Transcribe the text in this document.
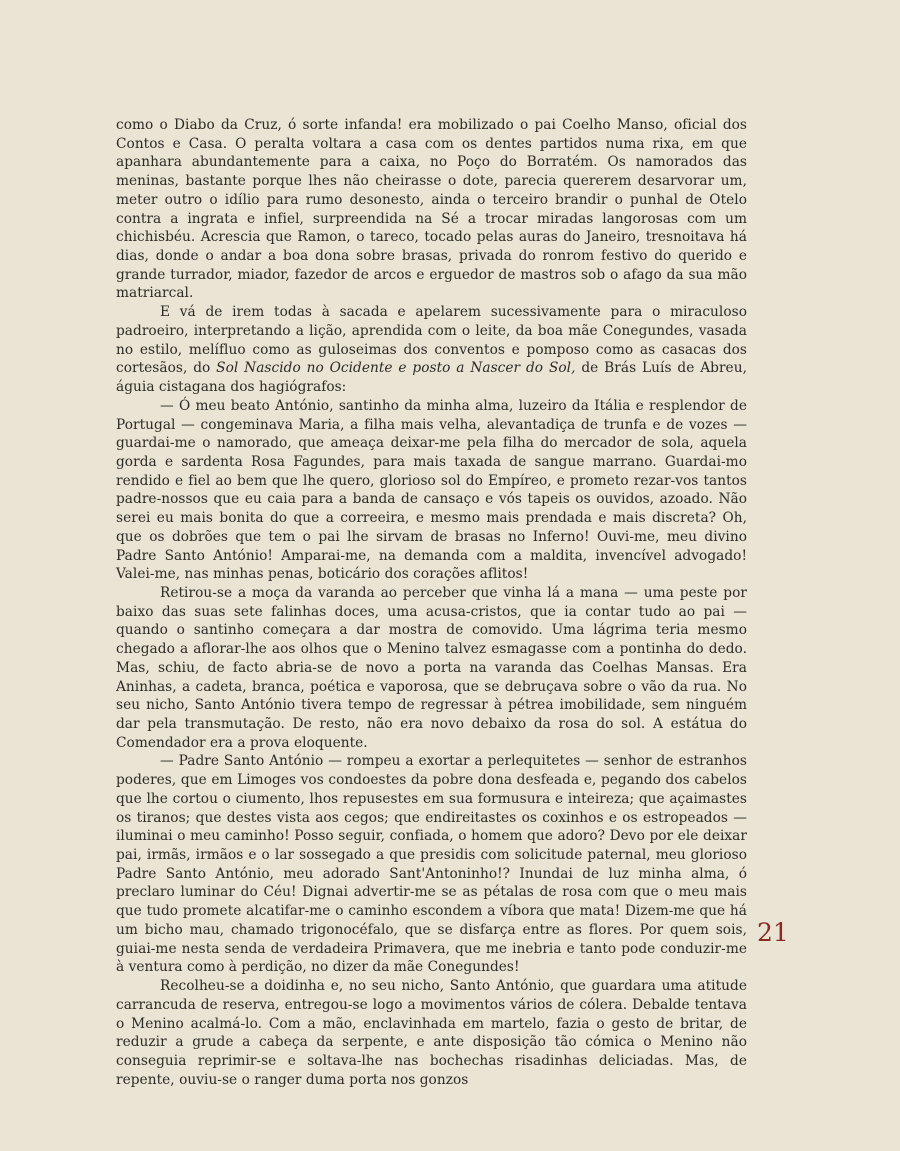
como o Diabo da Cruz, ó sorte infanda! era mobilizado o pai Coelho Manso, oficial dos Contos e Casa. O peralta voltara a casa com os dentes partidos numa rixa, em que apanhara abundantemente para a caixa, no Poço do Borratém. Os namorados das meninas, bastante porque lhes não cheirasse o dote, parecia quererem desarvorar um, meter outro o idílio para rumo desonesto, ainda o terceiro brandir o punhal de Otelo contra a ingrata e infiel, surpreendida na Sé a trocar miradas langorosas com um chichisbéu. Acrescia que Ramon, o tareco, tocado pelas auras do Janeiro, tresnoitava há dias, donde o andar a boa dona sobre brasas, privada do ronrom festivo do querido e grande turrador, miador, fazedor de arcos e erguedor de mastros sob o afago da sua mão matriarcal.

E vá de irem todas à sacada e apelarem sucessivamente para o miraculoso padroeiro, interpretando a lição, aprendida com o leite, da boa mãe Conegundes, vasada no estilo, melífluo como as guloseimas dos conventos e pomposo como as casacas dos cortesãos, do Sol Nascido no Ocidente e posto a Nascer do Sol, de Brás Luís de Abreu, águia cistagana dos hagiógrafos:

— Ó meu beato António, santinho da minha alma, luzeiro da Itália e resplendor de Portugal — congeminava Maria, a filha mais velha, alevantadiça de trunfa e de vozes — guardai-me o namorado, que ameaça deixar-me pela filha do mercador de sola, aquela gorda e sardenta Rosa Fagundes, para mais taxada de sangue marrano. Guardai-mo rendido e fiel ao bem que lhe quero, glorioso sol do Empíreo, e prometo rezar-vos tantos padre-nossos que eu caia para a banda de cansaço e vós tapeis os ouvidos, azoado. Não serei eu mais bonita do que a correeira, e mesmo mais prendada e mais discreta? Oh, que os dobrões que tem o pai lhe sirvam de brasas no Inferno! Ouvi-me, meu divino Padre Santo António! Amparai-me, na demanda com a maldita, invencível advogado! Valei-me, nas minhas penas, boticário dos corações aflitos!

Retirou-se a moça da varanda ao perceber que vinha lá a mana — uma peste por baixo das suas sete falinhas doces, uma acusa-cristos, que ia contar tudo ao pai — quando o santinho começara a dar mostra de comovido. Uma lágrima teria mesmo chegado a aflorar-lhe aos olhos que o Menino talvez esmagasse com a pontinha do dedo. Mas, schiu, de facto abria-se de novo a porta na varanda das Coelhas Mansas. Era Aninhas, a cadeta, branca, poética e vaporosa, que se debruçava sobre o vão da rua. No seu nicho, Santo António tivera tempo de regressar à pétrea imobilidade, sem ninguém dar pela transmutação. De resto, não era novo debaixo da rosa do sol. A estátua do Comendador era a prova eloquente.

— Padre Santo António — rompeu a exortar a perlequitetes — senhor de estranhos poderes, que em Limoges vos condoestes da pobre dona desfeada e, pegando dos cabelos que lhe cortou o ciumento, lhos repusestes em sua formusura e inteireza; que açaimastes os tiranos; que destes vista aos cegos; que endireitastes os coxinhos e os estropeados — iluminai o meu caminho! Posso seguir, confiada, o homem que adoro? Devo por ele deixar pai, irmãs, irmãos e o lar sossegado a que presidis com solicitude paternal, meu glorioso Padre Santo António, meu adorado Sant'Antoninho!? Inundai de luz minha alma, ó preclaro luminar do Céu! Dignai advertir-me se as pétalas de rosa com que o meu mais que tudo promete alcatifar-me o caminho escondem a víbora que mata! Dizem-me que há um bicho mau, chamado trigonocéfalo, que se disfarça entre as flores. Por quem sois, guiai-me nesta senda de verdadeira Primavera, que me inebria e tanto pode conduzir-me à ventura como à perdição, no dizer da mãe Conegundes!

Recolheu-se a doidinha e, no seu nicho, Santo António, que guardara uma atitude carrancuda de reserva, entregou-se logo a movimentos vários de cólera. Debalde tentava o Menino acalmá-lo. Com a mão, enclavinhada em martelo, fazia o gesto de britar, de reduzir a grude a cabeça da serpente, e ante disposição tão cómica o Menino não conseguia reprimir-se e soltava-lhe nas bochechas risadinhas deliciadas. Mas, de repente, ouviu-se o ranger duma porta nos gonzos

21
